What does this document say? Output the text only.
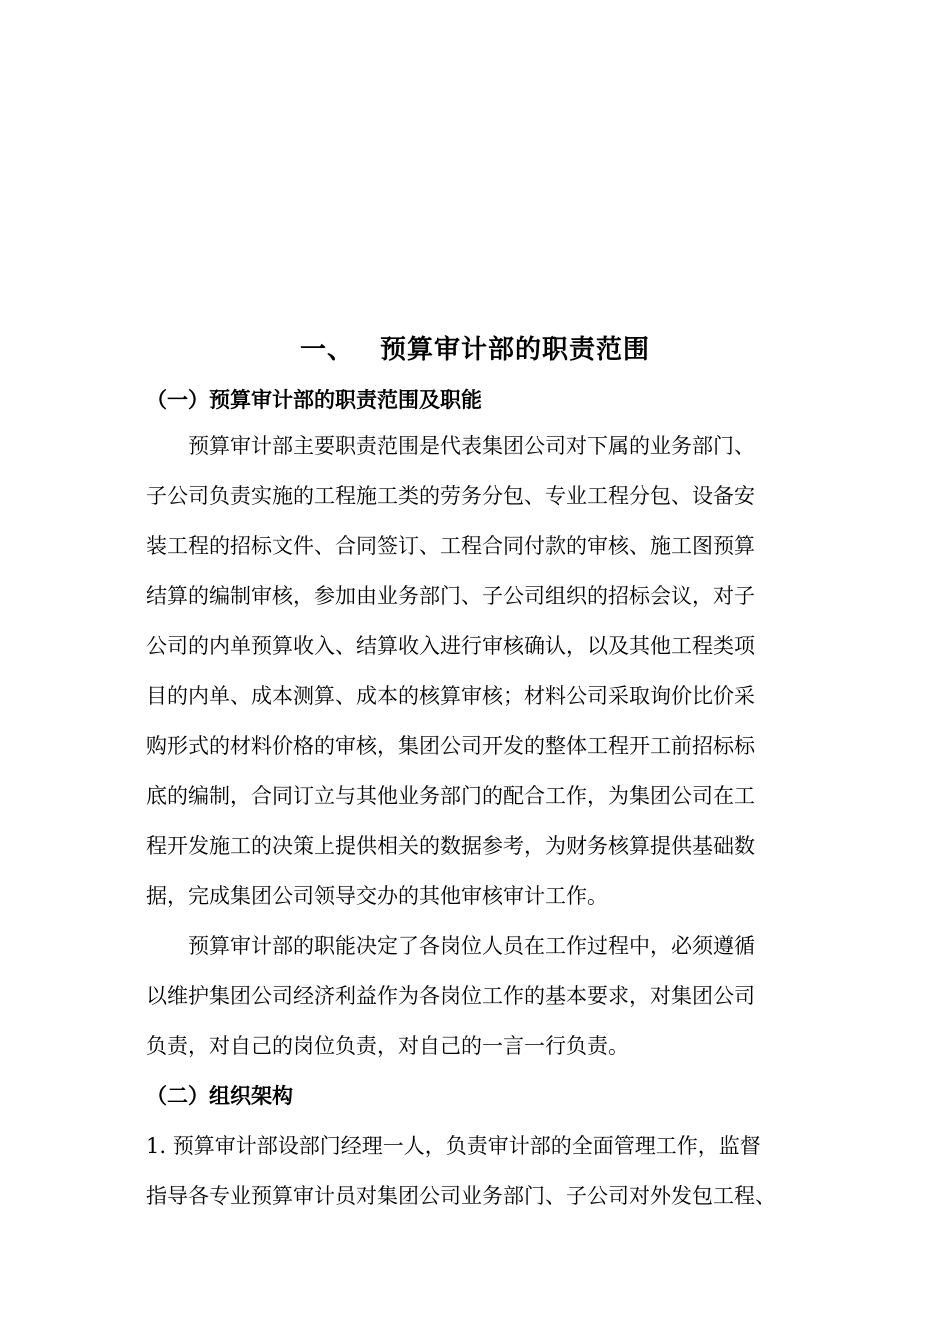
一、 预算审计部的职责范围
（一）预算审计部的职责范围及职能
预算审计部主要职责范围是代表集团公司对下属的业务部门、
子公司负责实施的工程施工类的劳务分包、专业工程分包、设备安
装工程的招标文件、合同签订、工程合同付款的审核、施工图预算
结算的编制审核，参加由业务部门、子公司组织的招标会议，对子
公司的内单预算收入、结算收入进行审核确认，以及其他工程类项
目的内单、成本测算、成本的核算审核；材料公司采取询价比价采
购形式的材料价格的审核，集团公司开发的整体工程开工前招标标
底的编制，合同订立与其他业务部门的配合工作，为集团公司在工
程开发施工的决策上提供相关的数据参考，为财务核算提供基础数
据，完成集团公司领导交办的其他审核审计工作。
预算审计部的职能决定了各岗位人员在工作过程中，必须遵循
以维护集团公司经济利益作为各岗位工作的基本要求，对集团公司
负责，对自己的岗位负责，对自己的一言一行负责。
（二）组织架构
1. 预算审计部设部门经理一人，负责审计部的全面管理工作，监督
指导各专业预算审计员对集团公司业务部门、子公司对外发包工程、
